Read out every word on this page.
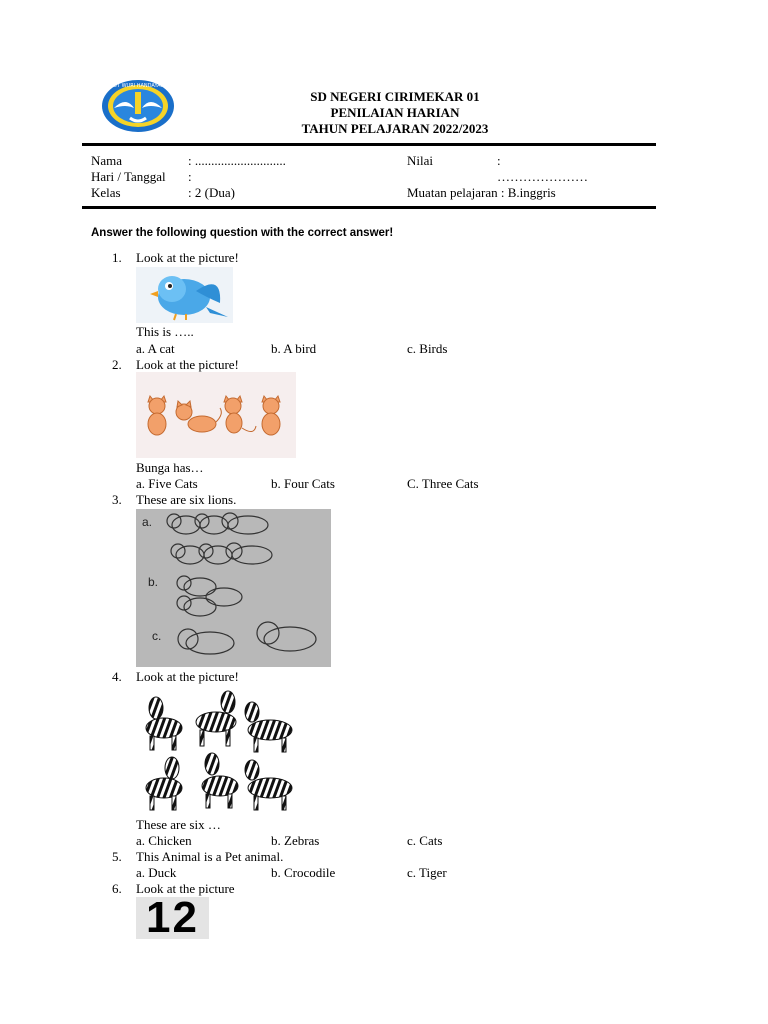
TUT WURI HANDAYANI
SD NEGERI CIRIMEKAR 01
PENILAIAN HARIAN
TAHUN PELAJARAN 2022/2023
Nama	: ............................
Hari / Tanggal :
Kelas	: 2 (Dua)
Nilai	:
…………………
Muatan pelajaran : B.inggris
Answer the following question with the correct answer!
1. Look at the picture!
This is …..
a. A cat	b. A bird	c. Birds
2. Look at the picture!
Bunga has…
a. Five Cats	b. Four Cats	C. Three Cats
3. These are six lions.
a.
b.
c.
4. Look at the picture!
These are six …
a. Chicken	b. Zebras	c. Cats
5. This Animal is a Pet animal.
a. Duck	b. Crocodile	c. Tiger
6. Look at the picture
12
